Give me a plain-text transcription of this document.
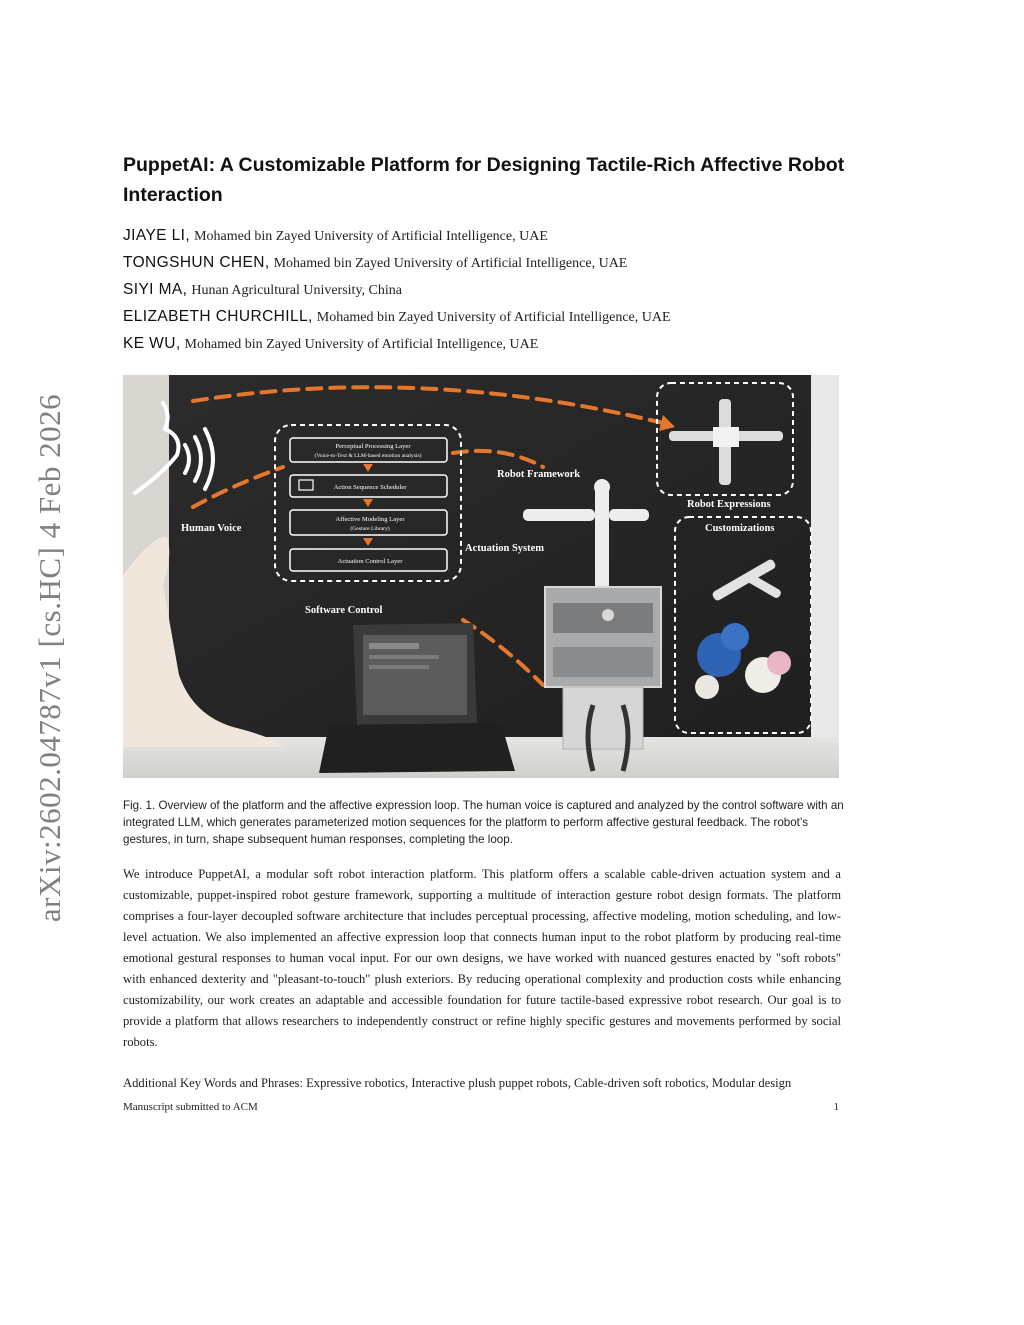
arXiv:2602.04787v1 [cs.HC] 4 Feb 2026
PuppetAI: A Customizable Platform for Designing Tactile-Rich Affective Robot Interaction
JIAYE LI, Mohamed bin Zayed University of Artificial Intelligence, UAE
TONGSHUN CHEN, Mohamed bin Zayed University of Artificial Intelligence, UAE
SIYI MA, Hunan Agricultural University, China
ELIZABETH CHURCHILL, Mohamed bin Zayed University of Artificial Intelligence, UAE
KE WU, Mohamed bin Zayed University of Artificial Intelligence, UAE
Human Voice
Perceptual Processing Layer
(Voice-to-Text & LLM-based emotion analysis)
Action Sequence Scheduler
Affective Modeling Layer
(Gesture Library)
Actuation Control Layer
Software Control
Robot Framework
Actuation System
Robot Expressions
Customizations

Fig. 1. Overview of the platform and the affective expression loop. The human voice is captured and analyzed by the control software with an integrated LLM, which generates parameterized motion sequences for the platform to perform affective gestural feedback. The robot’s gestures, in turn, shape subsequent human responses, completing the loop.

We introduce PuppetAI, a modular soft robot interaction platform. This platform offers a scalable cable-driven actuation system and a customizable, puppet-inspired robot gesture framework, supporting a multitude of interaction gesture robot design formats. The platform comprises a four-layer decoupled software architecture that includes perceptual processing, affective modeling, motion scheduling, and low-level actuation. We also implemented an affective expression loop that connects human input to the robot platform by producing real-time emotional gestural responses to human vocal input. For our own designs, we have worked with nuanced gestures enacted by "soft robots" with enhanced dexterity and "pleasant-to-touch" plush exteriors. By reducing operational complexity and production costs while enhancing customizability, our work creates an adaptable and accessible foundation for future tactile-based expressive robot research. Our goal is to provide a platform that allows researchers to independently construct or refine highly specific gestures and movements performed by social robots.

Additional Key Words and Phrases: Expressive robotics, Interactive plush puppet robots, Cable-driven soft robotics, Modular design

Manuscript submitted to ACM	1
